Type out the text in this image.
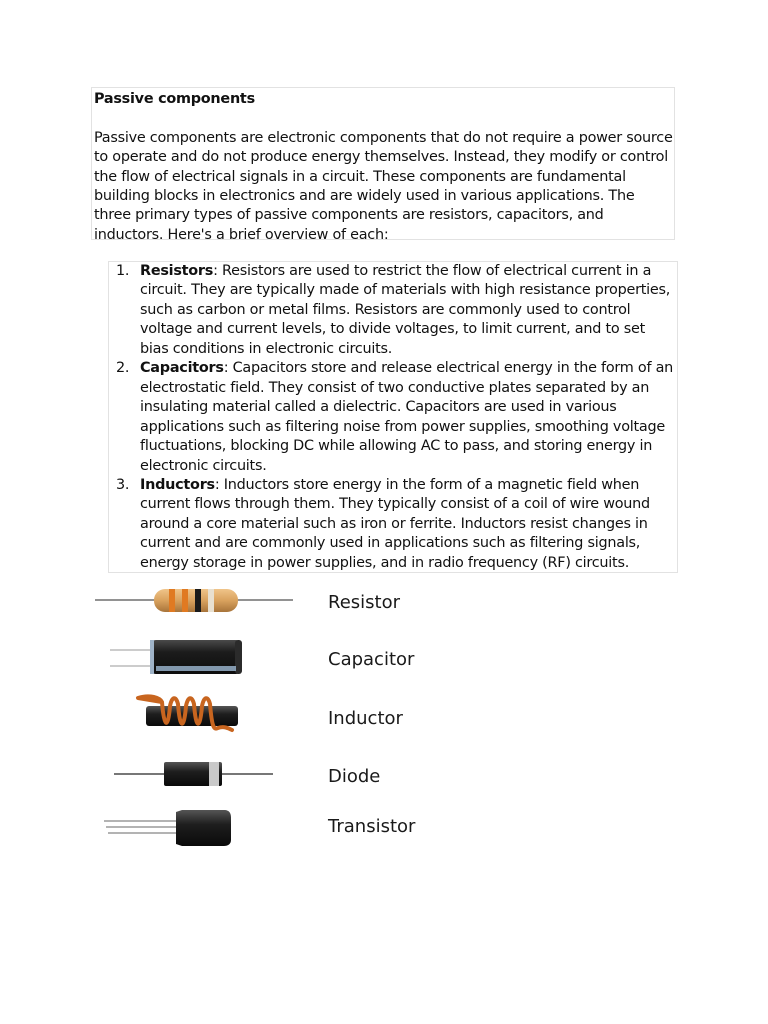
Passive components

Passive components are electronic components that do not require a power source to operate and do not produce energy themselves. Instead, they modify or control the flow of electrical signals in a circuit. These components are fundamental building blocks in electronics and are widely used in various applications. The three primary types of passive components are resistors, capacitors, and inductors. Here's a brief overview of each:

1. Resistors: Resistors are used to restrict the flow of electrical current in a circuit. They are typically made of materials with high resistance properties, such as carbon or metal films. Resistors are commonly used to control voltage and current levels, to divide voltages, to limit current, and to set bias conditions in electronic circuits.
2. Capacitors: Capacitors store and release electrical energy in the form of an electrostatic field. They consist of two conductive plates separated by an insulating material called a dielectric. Capacitors are used in various applications such as filtering noise from power supplies, smoothing voltage fluctuations, blocking DC while allowing AC to pass, and storing energy in electronic circuits.
3. Inductors: Inductors store energy in the form of a magnetic field when current flows through them. They typically consist of a coil of wire wound around a core material such as iron or ferrite. Inductors resist changes in current and are commonly used in applications such as filtering signals, energy storage in power supplies, and in radio frequency (RF) circuits.
Resistor
Capacitor
Inductor
Diode
Transistor
